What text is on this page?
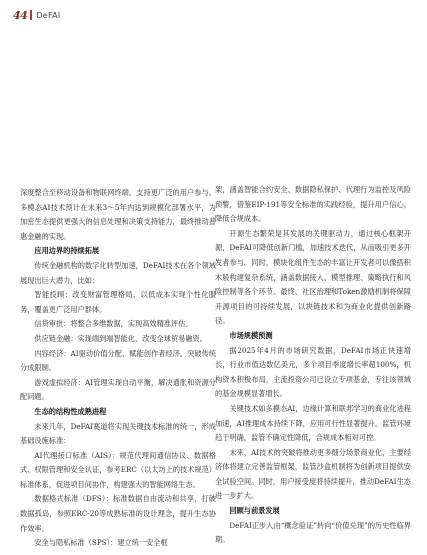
44 DeFAI

深度整合至移动设备和物联网终端，支持更广泛的用户参与。多模态AI技术预计在未来3～5年内达到规模化部署水平，为加密生态提供更强大的信息处理和决策支持能力，最终推动普惠金融的实现。

应用边界的持续拓展

传统金融机构的数字化转型加速，DeFAI技术在各个领域展现出巨大潜力，比如：

智能投顾：改变财富管理格局，以低成本实现个性化服务，覆盖更广泛用户群体。

信贷审批：将整合多维数据，实现高效精准评估。

供应链金融：实现端到端智能化，改变全球贸易融资。

内容经济：AI驱动价值分配，赋能创作者经济，突破传统分成限制。

游戏虚拟经济：AI管理实现自动平衡，解决通胀和资源分配问题。

生态的结构性成熟进程

未来几年，DeFAI赛道将实现关键技术标准的统一，形成基础设施标准：

AI代理接口标准（AIS）：规范代理间通信协议、数据格式、权限管理和安全认证，参考ERC（以太坊上的技术规范）标准体系，促进项目间协作，构建强大的智能网络生态。

数据格式标准（DFS）：标准数据自由流动和共享，打破数据孤岛，参照ERC-20等成熟标准的设计理念，提升生态协作效率。

安全与隐私标准（SPS）：建立统一安全框

架，涵盖智能合约安全、数据隐私保护、代理行为监控及风险预警，借鉴EIP-191等安全标准的实践经验，提升用户信心，降低合规成本。

开源生态繁荣是其发展的关键驱动力，通过核心框架开源，DeFAI可降低创新门槛，加速技术迭代，从而吸引更多开发者参与。同时，模块化组件生态的丰富让开发者可以像搭积木般构建复杂系统，涵盖数据接入、模型推理、策略执行和风险控制等各个环节。最终，社区治理和Token激励机制将保障开源项目的可持续发展，以块链技术和为商业化提供创新路径。

市场规模预测

据2025年4月的市场研究数据，DeFAI市场正快速增长，行业市值达数亿美元，多个项目季度增长率超100%，机构资本积极布局，主流投资公司已设立专项基金，专注该领域的基金规模显著增长。

关键技术如多模态AI，边缘计算和联邦学习的商业化进程加速，AI推理成本持续下降，应用可行性显著提升。监管环境趋于明确，监管不确定性降低，合规成本相对可控。

未来，AI技术的突破将推动更多细分场景商业化，主要经济体将建立完善监管框架，监管沙盒机制将为创新项目提供安全试验空间。同时，用户接受度将持续提升，推动DeFAI生态进一步扩大。

回顾与前景发展

DeFAI正步入由“概念验证”转向“价值兑现”的历史性临界期。
